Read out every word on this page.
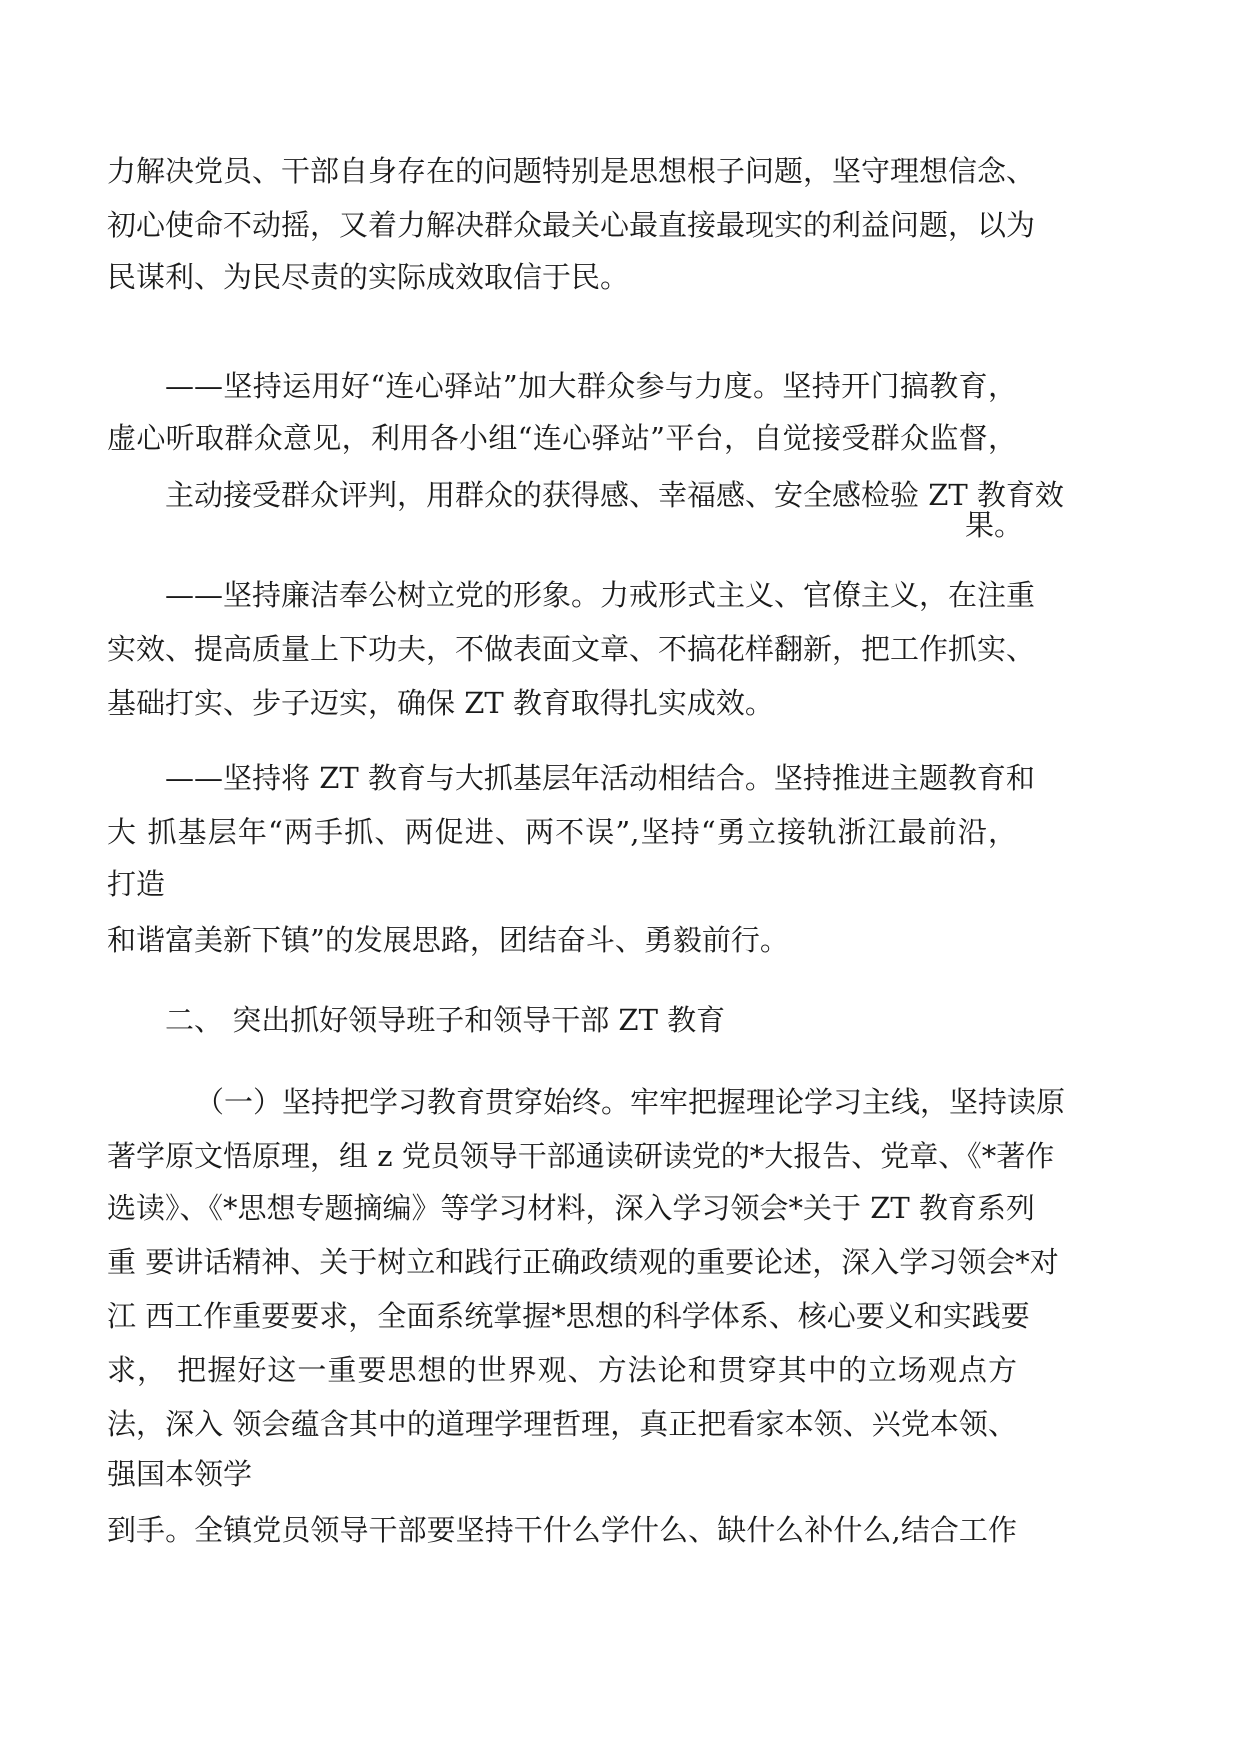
力解决党员、干部自身存在的问题特别是思想根子问题，坚守理想信念、
初心使命不动摇，又着力解决群众最关心最直接最现实的利益问题，以为
民谋利、为民尽责的实际成效取信于民。
——坚持运用好“连心驿站”加大群众参与力度。坚持开门搞教育，
虚心听取群众意见，利用各小组“连心驿站”平台，自觉接受群众监督，
主动接受群众评判，用群众的获得感、幸福感、安全感检验 ZT 教育效
果。
——坚持廉洁奉公树立党的形象。力戒形式主义、官僚主义，在注重
实效、提高质量上下功夫，不做表面文章、不搞花样翻新，把工作抓实、
基础打实、步子迈实，确保 ZT 教育取得扎实成效。
——坚持将 ZT 教育与大抓基层年活动相结合。坚持推进主题教育和
大 抓基层年“两手抓、两促进、两不误”,坚持“勇立接轨浙江最前沿，
打造
和谐富美新下镇”的发展思路，团结奋斗、勇毅前行。
二、 突出抓好领导班子和领导干部 ZT 教育
（一）坚持把学习教育贯穿始终。牢牢把握理论学习主线，坚持读原
著学原文悟原理，组 z 党员领导干部通读研读党的*大报告、党章、《*著作
选读》、《*思想专题摘编》等学习材料，深入学习领会*关于 ZT 教育系列
重 要讲话精神、关于树立和践行正确政绩观的重要论述，深入学习领会*对
江 西工作重要要求，全面系统掌握*思想的科学体系、核心要义和实践要
求， 把握好这一重要思想的世界观、方法论和贯穿其中的立场观点方
法，深入 领会蕴含其中的道理学理哲理，真正把看家本领、兴党本领、
强国本领学
到手。全镇党员领导干部要坚持干什么学什么、缺什么补什么,结合工作
